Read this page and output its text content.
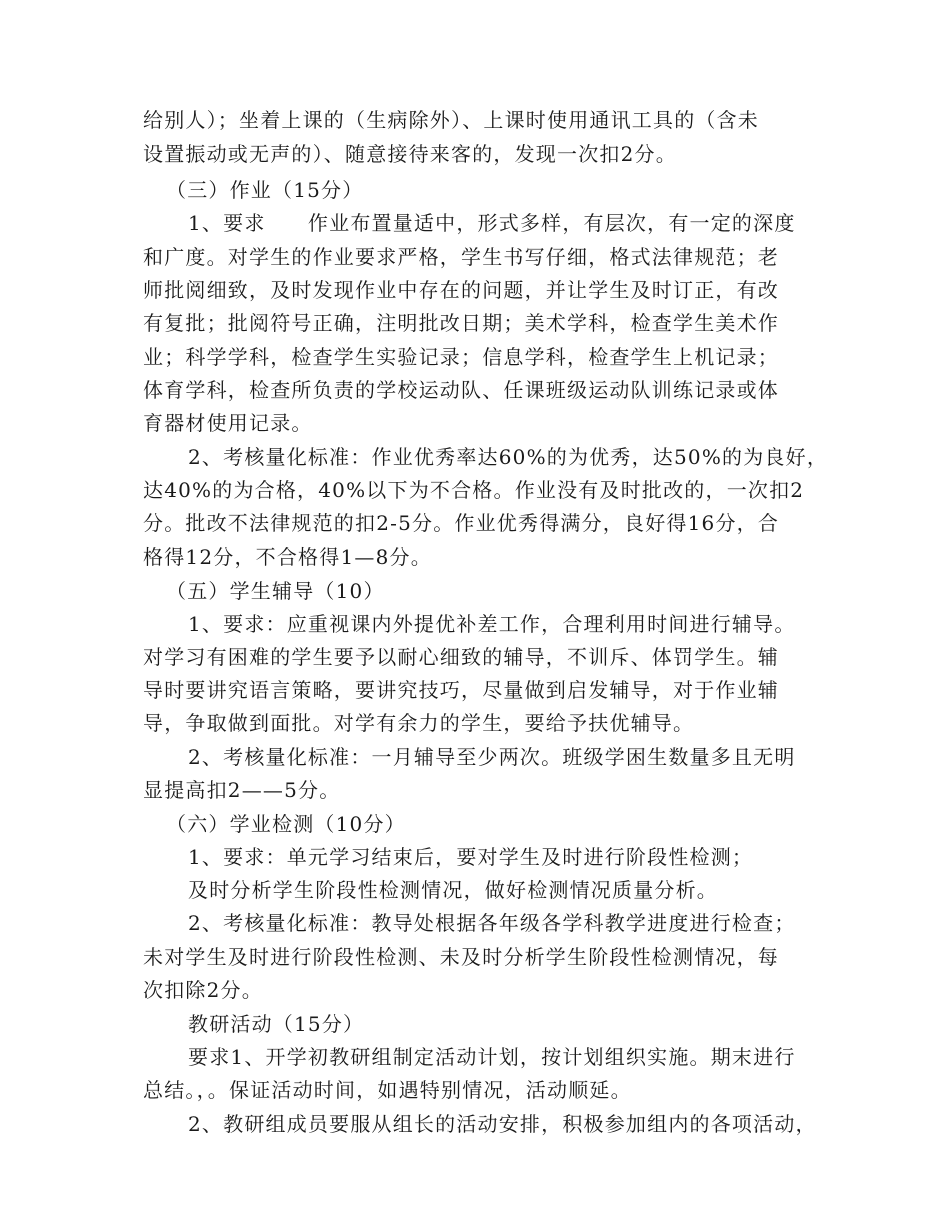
给别人）；坐着上课的（生病除外）、上课时使用通讯工具的（含未
设置振动或无声的）、随意接待来客的，发现一次扣2分。
（三）作业（15分）
1、要求　　作业布置量适中，形式多样，有层次，有一定的深度
和广度。对学生的作业要求严格，学生书写仔细，格式法律规范；老
师批阅细致，及时发现作业中存在的问题，并让学生及时订正，有改
有复批；批阅符号正确，注明批改日期；美术学科，检查学生美术作
业；科学学科，检查学生实验记录；信息学科，检查学生上机记录；
体育学科，检查所负责的学校运动队、任课班级运动队训练记录或体
育器材使用记录。
2、考核量化标准：作业优秀率达60%的为优秀，达50%的为良好，
达40%的为合格，40%以下为不合格。作业没有及时批改的，一次扣2
分。批改不法律规范的扣2-5分。作业优秀得满分，良好得16分，合
格得12分，不合格得1—8分。
（五）学生辅导（10）
1、要求：应重视课内外提优补差工作，合理利用时间进行辅导。
对学习有困难的学生要予以耐心细致的辅导，不训斥、体罚学生。辅
导时要讲究语言策略，要讲究技巧，尽量做到启发辅导，对于作业辅
导，争取做到面批。对学有余力的学生，要给予扶优辅导。
2、考核量化标准：一月辅导至少两次。班级学困生数量多且无明
显提高扣2——5分。
（六）学业检测（10分）
1、要求：单元学习结束后，要对学生及时进行阶段性检测；
及时分析学生阶段性检测情况，做好检测情况质量分析。
2、考核量化标准：教导处根据各年级各学科教学进度进行检查；
未对学生及时进行阶段性检测、未及时分析学生阶段性检测情况，每
次扣除2分。
教研活动（15分）
要求1、开学初教研组制定活动计划，按计划组织实施。期末进行
总结。，。保证活动时间，如遇特别情况，活动顺延。
2、教研组成员要服从组长的活动安排，积极参加组内的各项活动，
